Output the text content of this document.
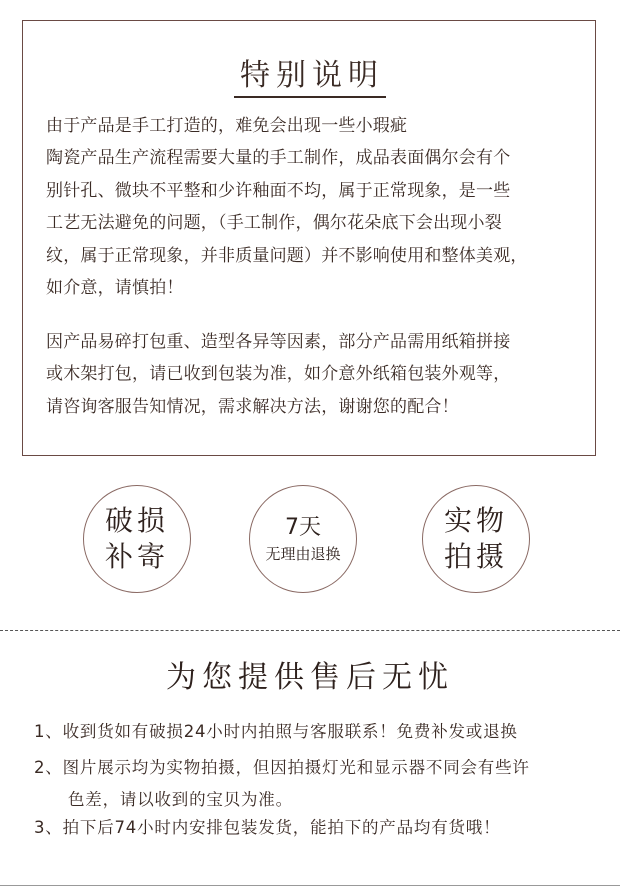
特别说明
由于产品是手工打造的，难免会出现一些小瑕疵
陶瓷产品生产流程需要大量的手工制作，成品表面偶尔会有个
别针孔、微块不平整和少许釉面不均，属于正常现象，是一些
工艺无法避免的问题，（手工制作，偶尔花朵底下会出现小裂
纹，属于正常现象，并非质量问题）并不影响使用和整体美观，
如介意，请慎拍！
因产品易碎打包重、造型各异等因素，部分产品需用纸箱拼接
或木架打包，请已收到包装为准，如介意外纸箱包装外观等，
请咨询客服告知情况，需求解决方法，谢谢您的配合！
破损
补寄
7天
无理由退换
实物
拍摄
为您提供售后无忧
1、收到货如有破损24小时内拍照与客服联系！免费补发或退换
2、图片展示均为实物拍摄，但因拍摄灯光和显示器不同会有些许
色差，请以收到的宝贝为准。
3、拍下后74小时内安排包装发货，能拍下的产品均有货哦！
